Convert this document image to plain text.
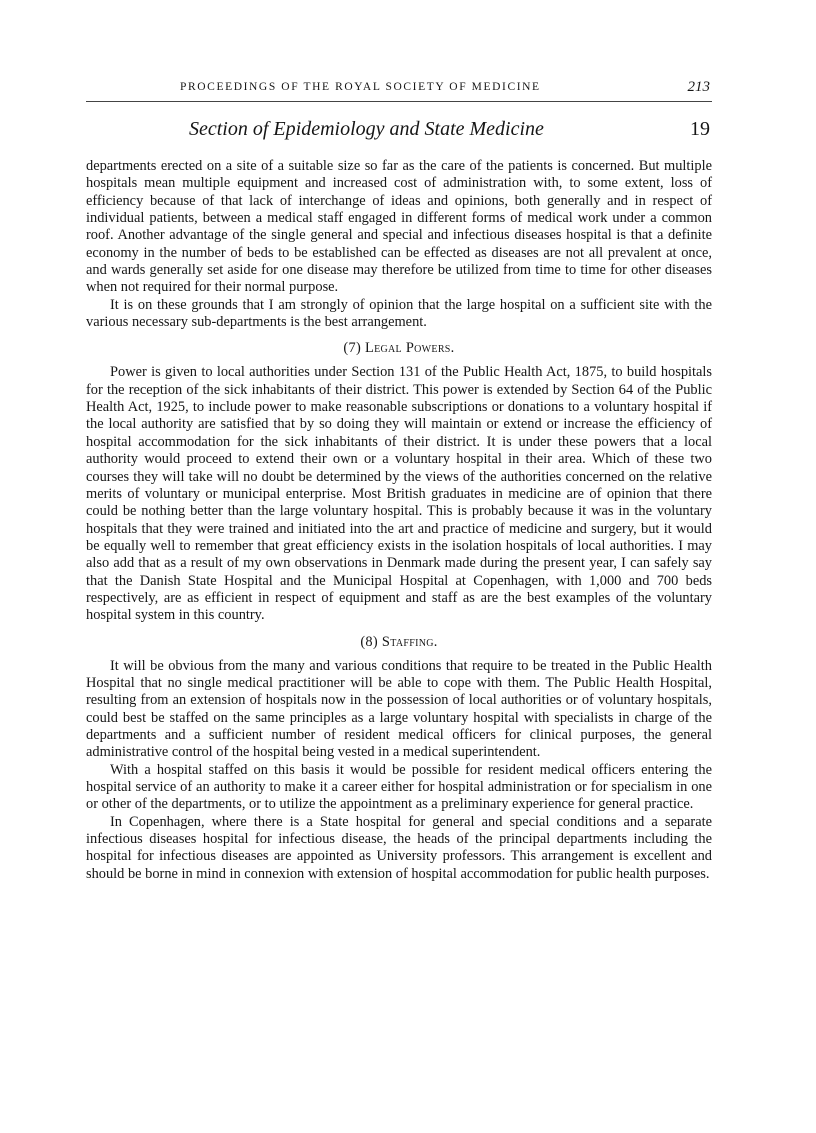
PROCEEDINGS OF THE ROYAL SOCIETY OF MEDICINE	213
Section of Epidemiology and State Medicine	19

departments erected on a site of a suitable size so far as the care of the patients is concerned. But multiple hospitals mean multiple equipment and increased cost of administration with, to some extent, loss of efficiency because of that lack of interchange of ideas and opinions, both generally and in respect of individual patients, between a medical staff engaged in different forms of medical work under a common roof. Another advantage of the single general and special and infectious diseases hospital is that a definite economy in the number of beds to be established can be effected as diseases are not all prevalent at once, and wards generally set aside for one disease may therefore be utilized from time to time for other diseases when not required for their normal purpose.

It is on these grounds that I am strongly of opinion that the large hospital on a sufficient site with the various necessary sub-departments is the best arrangement.

(7) Legal Powers.

Power is given to local authorities under Section 131 of the Public Health Act, 1875, to build hospitals for the reception of the sick inhabitants of their district. This power is extended by Section 64 of the Public Health Act, 1925, to include power to make reasonable subscriptions or donations to a voluntary hospital if the local authority are satisfied that by so doing they will maintain or extend or increase the efficiency of hospital accommodation for the sick inhabitants of their district. It is under these powers that a local authority would proceed to extend their own or a voluntary hospital in their area. Which of these two courses they will take will no doubt be determined by the views of the authorities concerned on the relative merits of voluntary or municipal enterprise. Most British graduates in medicine are of opinion that there could be nothing better than the large voluntary hospital. This is probably because it was in the voluntary hospitals that they were trained and initiated into the art and practice of medicine and surgery, but it would be equally well to remember that great efficiency exists in the isolation hospitals of local authorities. I may also add that as a result of my own observations in Denmark made during the present year, I can safely say that the Danish State Hospital and the Municipal Hospital at Copenhagen, with 1,000 and 700 beds respectively, are as efficient in respect of equipment and staff as are the best examples of the voluntary hospital system in this country.

(8) Staffing.

It will be obvious from the many and various conditions that require to be treated in the Public Health Hospital that no single medical practitioner will be able to cope with them. The Public Health Hospital, resulting from an extension of hospitals now in the possession of local authorities or of voluntary hospitals, could best be staffed on the same principles as a large voluntary hospital with specialists in charge of the departments and a sufficient number of resident medical officers for clinical purposes, the general administrative control of the hospital being vested in a medical superintendent.

With a hospital staffed on this basis it would be possible for resident medical officers entering the hospital service of an authority to make it a career either for hospital administration or for specialism in one or other of the departments, or to utilize the appointment as a preliminary experience for general practice.

In Copenhagen, where there is a State hospital for general and special conditions and a separate infectious diseases hospital for infectious disease, the heads of the principal departments including the hospital for infectious diseases are appointed as University professors. This arrangement is excellent and should be borne in mind in connexion with extension of hospital accommodation for public health purposes.
